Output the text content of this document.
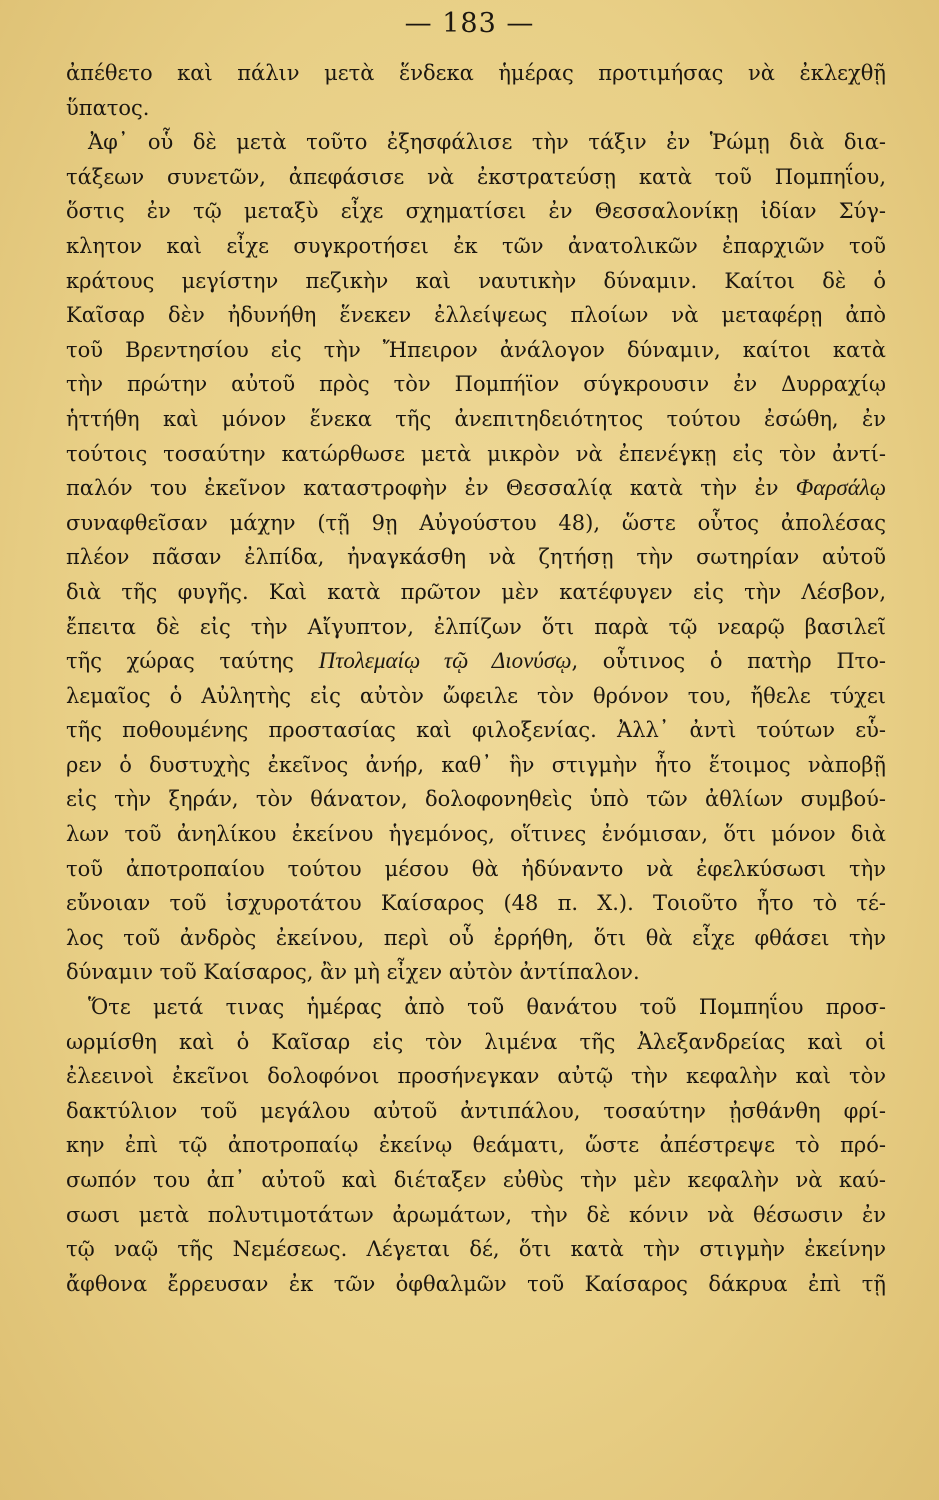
— 183 —
ἀπέθετο καὶ πάλιν μετὰ ἕνδεκα ἡμέρας προτιμήσας νὰ ἐκλεχθῇ
ὕπατος.
Ἀφ᾽ οὗ δὲ μετὰ τοῦτο ἐξησφάλισε τὴν τάξιν ἐν Ῥώμῃ διὰ δια-
τάξεων συνετῶν, ἀπεφάσισε νὰ ἐκστρατεύσῃ κατὰ τοῦ Πομπηΐου,
ὅστις ἐν τῷ μεταξὺ εἶχε σχηματίσει ἐν Θεσσαλονίκῃ ἰδίαν Σύγ-
κλητον καὶ εἶχε συγκροτήσει ἐκ τῶν ἀνατολικῶν ἐπαρχιῶν τοῦ
κράτους μεγίστην πεζικὴν καὶ ναυτικὴν δύναμιν. Καίτοι δὲ ὁ
Καῖσαρ δὲν ἠδυνήθη ἕνεκεν ἐλλείψεως πλοίων νὰ μεταφέρῃ ἀπὸ
τοῦ Βρεντησίου εἰς τὴν Ἤπειρον ἀνάλογον δύναμιν, καίτοι κατὰ
τὴν πρώτην αὐτοῦ πρὸς τὸν Πομπήϊον σύγκρουσιν ἐν Δυρραχίῳ
ἡττήθη καὶ μόνον ἕνεκα τῆς ἀνεπιτηδειότητος τούτου ἐσώθη, ἐν
τούτοις τοσαύτην κατώρθωσε μετὰ μικρὸν νὰ ἐπενέγκῃ εἰς τὸν ἀντί-
παλόν του ἐκεῖνον καταστροφὴν ἐν Θεσσαλίᾳ κατὰ τὴν ἐν Φαρσάλῳ
συναφθεῖσαν μάχην (τῇ 9ῃ Αὐγούστου 48), ὥστε οὗτος ἀπολέσας
πλέον πᾶσαν ἐλπίδα, ἠναγκάσθη νὰ ζητήσῃ τὴν σωτηρίαν αὐτοῦ
διὰ τῆς φυγῆς. Καὶ κατὰ πρῶτον μὲν κατέφυγεν εἰς τὴν Λέσβον,
ἔπειτα δὲ εἰς τὴν Αἴγυπτον, ἐλπίζων ὅτι παρὰ τῷ νεαρῷ βασιλεῖ
τῆς χώρας ταύτης Πτολεμαίῳ τῷ Διονύσῳ, οὗτινος ὁ πατὴρ Πτο-
λεμαῖος ὁ Αὐλητὴς εἰς αὐτὸν ὤφειλε τὸν θρόνον του, ἤθελε τύχει
τῆς ποθουμένης προστασίας καὶ φιλοξενίας. Ἀλλ᾽ ἀντὶ τούτων εὗ-
ρεν ὁ δυστυχὴς ἐκεῖνος ἀνήρ, καθ᾽ ἣν στιγμὴν ἦτο ἕτοιμος νὰποβῇ
εἰς τὴν ξηράν, τὸν θάνατον, δολοφονηθεὶς ὑπὸ τῶν ἀθλίων συμβού-
λων τοῦ ἀνηλίκου ἐκείνου ἡγεμόνος, οἵτινες ἐνόμισαν, ὅτι μόνον διὰ
τοῦ ἀποτροπαίου τούτου μέσου θὰ ἠδύναντο νὰ ἐφελκύσωσι τὴν
εὔνοιαν τοῦ ἰσχυροτάτου Καίσαρος (48 π. Χ.). Τοιοῦτο ἦτο τὸ τέ-
λος τοῦ ἀνδρὸς ἐκείνου, περὶ οὗ ἐρρήθη, ὅτι θὰ εἶχε φθάσει τὴν
δύναμιν τοῦ Καίσαρος, ἂν μὴ εἶχεν αὐτὸν ἀντίπαλον.
Ὅτε μετά τινας ἡμέρας ἀπὸ τοῦ θανάτου τοῦ Πομπηΐου προσ-
ωρμίσθη καὶ ὁ Καῖσαρ εἰς τὸν λιμένα τῆς Ἀλεξανδρείας καὶ οἱ
ἐλεεινοὶ ἐκεῖνοι δολοφόνοι προσήνεγκαν αὐτῷ τὴν κεφαλὴν καὶ τὸν
δακτύλιον τοῦ μεγάλου αὐτοῦ ἀντιπάλου, τοσαύτην ᾐσθάνθη φρί-
κην ἐπὶ τῷ ἀποτροπαίῳ ἐκείνῳ θεάματι, ὥστε ἀπέστρεψε τὸ πρό-
σωπόν του ἀπ᾽ αὐτοῦ καὶ διέταξεν εὐθὺς τὴν μὲν κεφαλὴν νὰ καύ-
σωσι μετὰ πολυτιμοτάτων ἀρωμάτων, τὴν δὲ κόνιν νὰ θέσωσιν ἐν
τῷ ναῷ τῆς Νεμέσεως. Λέγεται δέ, ὅτι κατὰ τὴν στιγμὴν ἐκείνην
ἄφθονα ἔρρευσαν ἐκ τῶν ὀφθαλμῶν τοῦ Καίσαρος δάκρυα ἐπὶ τῇ
